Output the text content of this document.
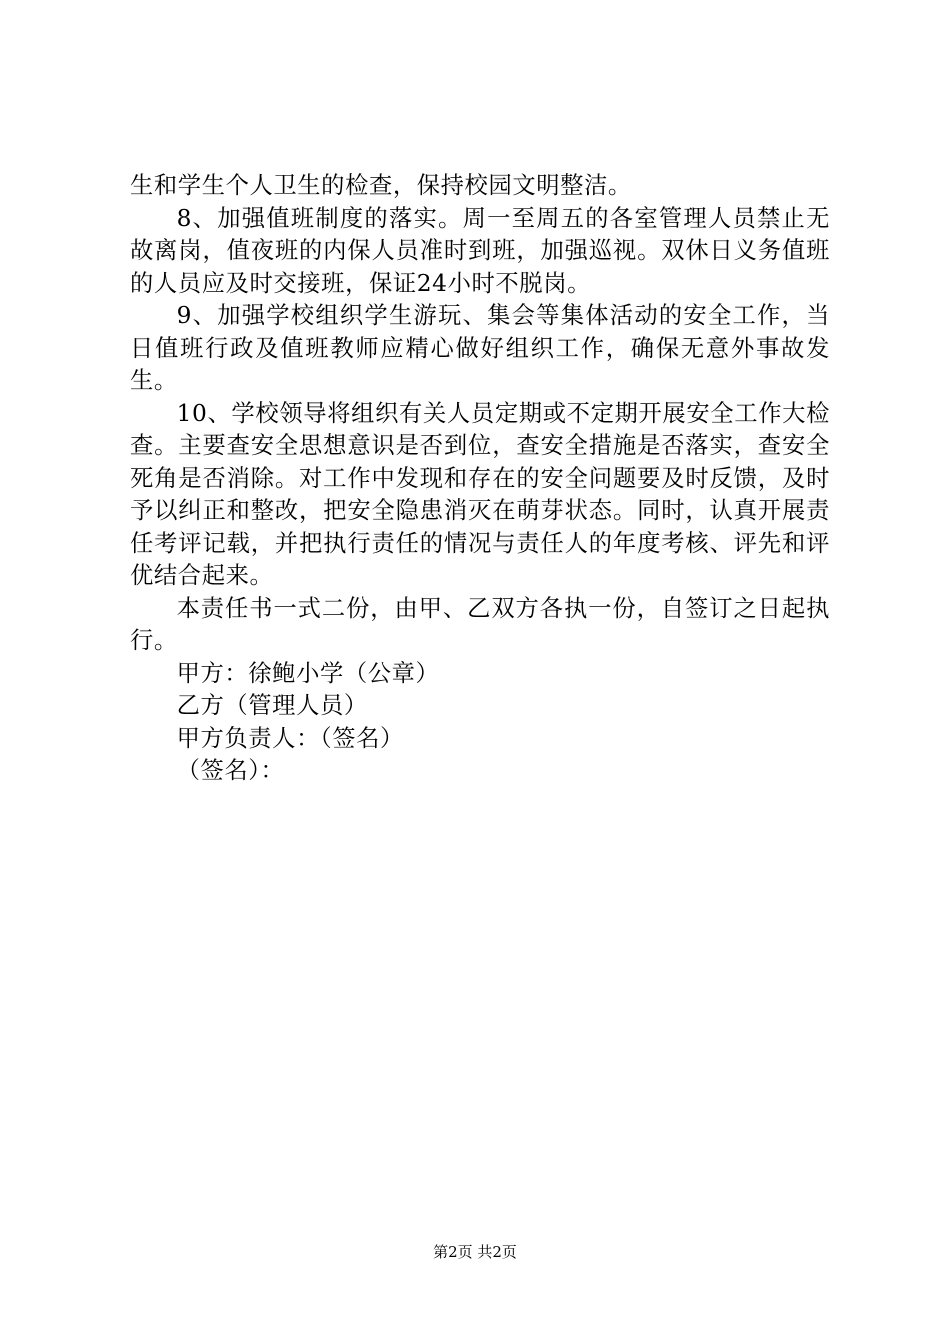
生和学生个人卫生的检查，保持校园文明整洁。

8、加强值班制度的落实。周一至周五的各室管理人员禁止无故离岗，值夜班的内保人员准时到班，加强巡视。双休日义务值班的人员应及时交接班，保证24小时不脱岗。

9、加强学校组织学生游玩、集会等集体活动的安全工作，当日值班行政及值班教师应精心做好组织工作，确保无意外事故发生。

10、学校领导将组织有关人员定期或不定期开展安全工作大检查。主要查安全思想意识是否到位，查安全措施是否落实，查安全死角是否消除。对工作中发现和存在的安全问题要及时反馈，及时予以纠正和整改，把安全隐患消灭在萌芽状态。同时，认真开展责任考评记载，并把执行责任的情况与责任人的年度考核、评先和评优结合起来。

本责任书一式二份，由甲、乙双方各执一份，自签订之日起执行。

甲方：徐鲍小学（公章）

乙方（管理人员）

甲方负责人：（签名）

（签名）：

第2页 共2页
